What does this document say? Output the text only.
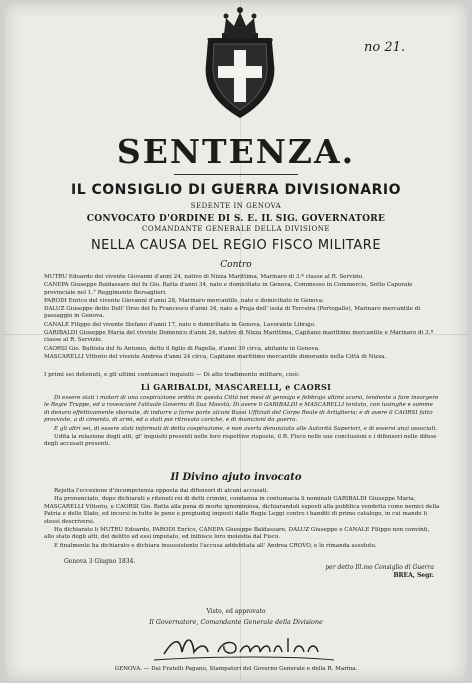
no 21.
SENTENZA.
IL CONSIGLIO DI GUERRA DIVISIONARIO
SEDENTE IN GENOVA
CONVOCATO D'ORDINE DI S. E. IL SIG. GOVERNATORE
COMANDANTE GENERALE DELLA DIVISIONE
NELLA CAUSA DEL REGIO FISCO MILITARE
Contro

MUTRU Edoardo del vivente Giovanni d'anni 24, nativo di Nizza Marittima, Marinaro di 3.ª classe al R. Servizio.

CANEPA Giuseppe Baldassare del fu Gio. Batta d'anni 34, nato e domiciliato in Genova, Commesso in Commercio, Sotto Caporale provinciale nel 1.° Reggimento Bersaglieri.

PARODI Enrico del vivente Giovanni d'anni 28, Marinaro mercantile, nato e domiciliato in Genova.

DALUZ Giuseppe detto Dell' Orso del fu Francesco d'anni 34, nato a Praja dell' isola di Terceira (Portogallo), Marinaro mercantile di passaggio in Genova.

CANALE Filippo del vivente Stefano d'anni 17, nato e domiciliato in Genova, Lavorante Librajo.

GARIBALDI Giuseppe Maria del vivente Domenico d'anni 24, nativo di Nizza Marittima, Capitano marittimo mercantile e Marinaro di 3.ª classe al R. Servizio.

CAORSI Gio. Battista del fu Antonio, detto il figlio di Pagella, d'anni 30 circa, abitante in Genova.

MASCARELLI Vittorio del vivente Andrea d'anni 24 circa, Capitano marittimo mercantile dimorante nella Città di Nizza.

I primi sei detenuti, e gli ultimi contumaci inquisiti — Di alto tradimento militare, cioè:
Li GARIBALDI, MASCARELLI, e CAORSI

Di essere stati i motori di una cospirazione ordita in questa Città nei mesi di gennajo e febbrajo ultimi scorsi, tendente a fare insorgere le Regie Truppe, ed a rovesciare l'attuale Governo di Sua Maestà; Di avere li GARIBALDI e MASCARELLI tentato, con lusinghe e somme di denaro effettivamente sborsate, di indurre a farne parte alcuni Bassi Uffiziali del Corpo Reale di Artiglieria; e di avere il CAORSI fatto provviste, a di cimento, di armi, ed a stati poi ritrovato cariche, e di munizioni da guerra.

E gli altri sei, di essere stati informati di detta cospirazione, e non averla denunziata alle Autorità Superiori, e di essersi anzi associati.

Udita la relazione degli atti, gl' inquisiti presenti nelle loro rispettive risposte, il R. Fisco nelle sue conclusioni e i difensori nelle difese degli accusati presenti.

Il Divino ajuto invocato

Rejetta l'eccezione d'incompetenza opposta dai difensori di alcuni accusati.

Ha pronunciato, dopo dichiarati e ritenuti rei di detti crimini, condanna in contumacia li nominati GARIBALDI Giuseppe Maria, MASCARELLI Vittorio, e CAORSI Gio. Batta alla pena di morte ignominiosa, dichiarandoli esposti alla pubblica vendetta come nemici della Patria e dello Stato, ed incorsi in tutte le pene e pregiudizj imposti dalle Regie Leggi contro i banditi di primo catalogo, in cui mando li stessi descriversi.

Ha dichiarato li MUTRU Edoardo, PARODI Enrico, CANEPA Giuseppe Baldassare, DALUZ Giuseppe e CANALE Filippo non convinti, allo stato degli atti, del delitto ad essi imputato, ed inibisce loro molestia dal Fisco.

E finalmente ha dichiarato e dichiara insussistente l'accusa addebitata all' Andrea CROVO, e lo rimanda assoluto.

Genova 3 Giugno 1834.
per detto Ill.mo Consiglio di Guerra
BREA, Segr.
Visto, ed approvato
Il Governatore, Comandante Generale della Divisione
GENOVA. — Dai Fratelli Pagano, Stampatori del Governo Generale e della R. Marina.
